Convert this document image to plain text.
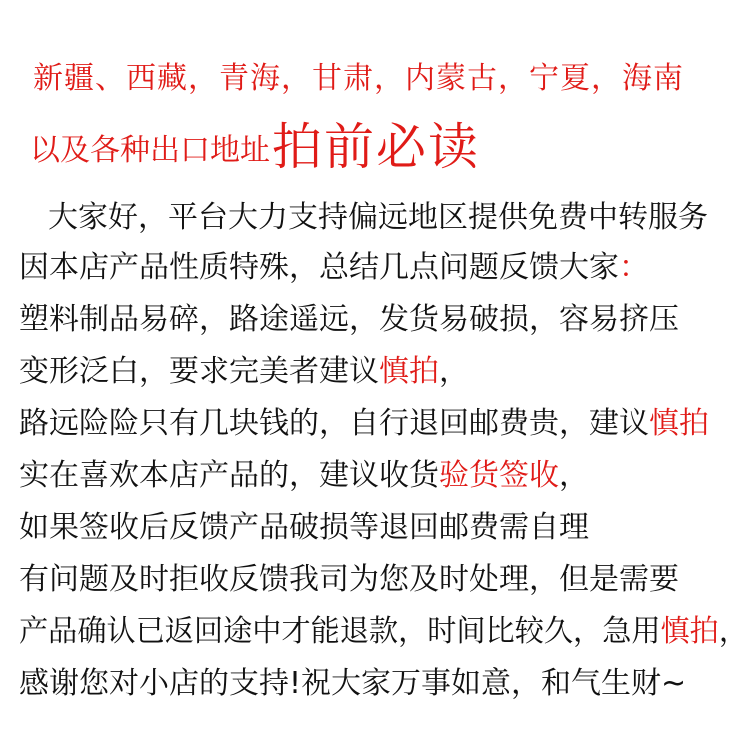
新疆、西藏，青海，甘肃，内蒙古，宁夏，海南
以及各种出口地址拍前必读
大家好，平台大力支持偏远地区提供免费中转服务
因本店产品性质特殊，总结几点问题反馈大家：
塑料制品易碎，路途遥远，发货易破损，容易挤压
变形泛白，要求完美者建议慎拍，
路远险险只有几块钱的，自行退回邮费贵，建议慎拍
实在喜欢本店产品的，建议收货验货签收，
如果签收后反馈产品破损等退回邮费需自理
有问题及时拒收反馈我司为您及时处理，但是需要
产品确认已返回途中才能退款，时间比较久，急用慎拍，
感谢您对小店的支持!祝大家万事如意，和气生财~
